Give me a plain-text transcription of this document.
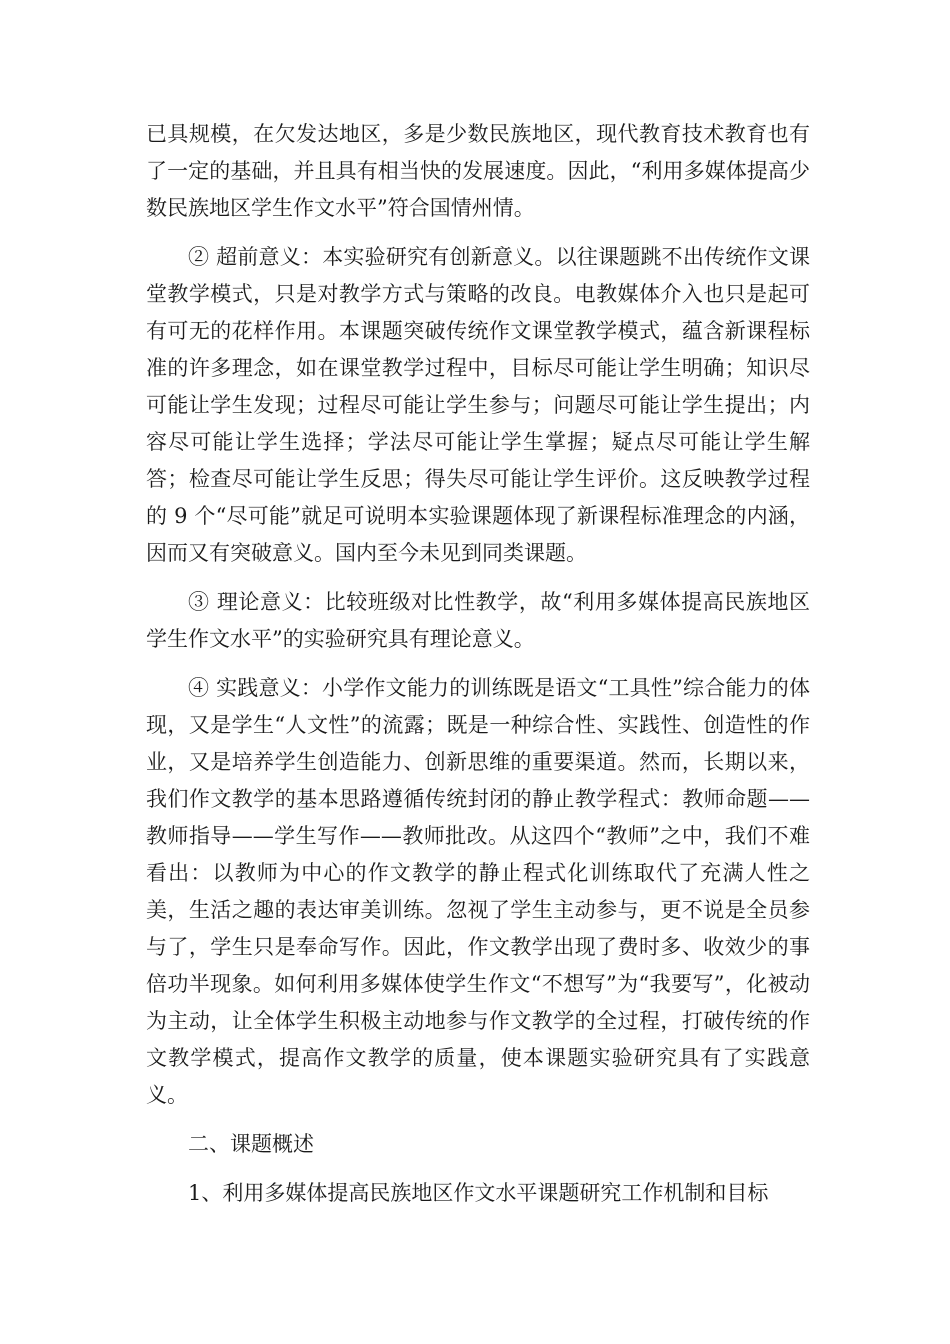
已具规模，在欠发达地区，多是少数民族地区，现代教育技术教育也有了一定的基础，并且具有相当快的发展速度。因此，“利用多媒体提高少数民族地区学生作文水平”符合国情州情。

② 超前意义：本实验研究有创新意义。以往课题跳不出传统作文课堂教学模式，只是对教学方式与策略的改良。电教媒体介入也只是起可有可无的花样作用。本课题突破传统作文课堂教学模式，蕴含新课程标准的许多理念，如在课堂教学过程中，目标尽可能让学生明确；知识尽可能让学生发现；过程尽可能让学生参与；问题尽可能让学生提出；内容尽可能让学生选择；学法尽可能让学生掌握；疑点尽可能让学生解答；检查尽可能让学生反思；得失尽可能让学生评价。这反映教学过程的 9 个“尽可能”就足可说明本实验课题体现了新课程标准理念的内涵，因而又有突破意义。国内至今未见到同类课题。

③ 理论意义：比较班级对比性教学，故“利用多媒体提高民族地区学生作文水平”的实验研究具有理论意义。

④ 实践意义：小学作文能力的训练既是语文“工具性”综合能力的体现，又是学生“人文性”的流露；既是一种综合性、实践性、创造性的作业，又是培养学生创造能力、创新思维的重要渠道。然而，长期以来，我们作文教学的基本思路遵循传统封闭的静止教学程式：教师命题——教师指导——学生写作——教师批改。从这四个“教师”之中，我们不难看出：以教师为中心的作文教学的静止程式化训练取代了充满人性之美，生活之趣的表达审美训练。忽视了学生主动参与，更不说是全员参与了，学生只是奉命写作。因此，作文教学出现了费时多、收效少的事倍功半现象。如何利用多媒体使学生作文“不想写”为“我要写”，化被动为主动，让全体学生积极主动地参与作文教学的全过程，打破传统的作文教学模式，提高作文教学的质量，使本课题实验研究具有了实践意义。

二、课题概述

1、利用多媒体提高民族地区作文水平课题研究工作机制和目标
